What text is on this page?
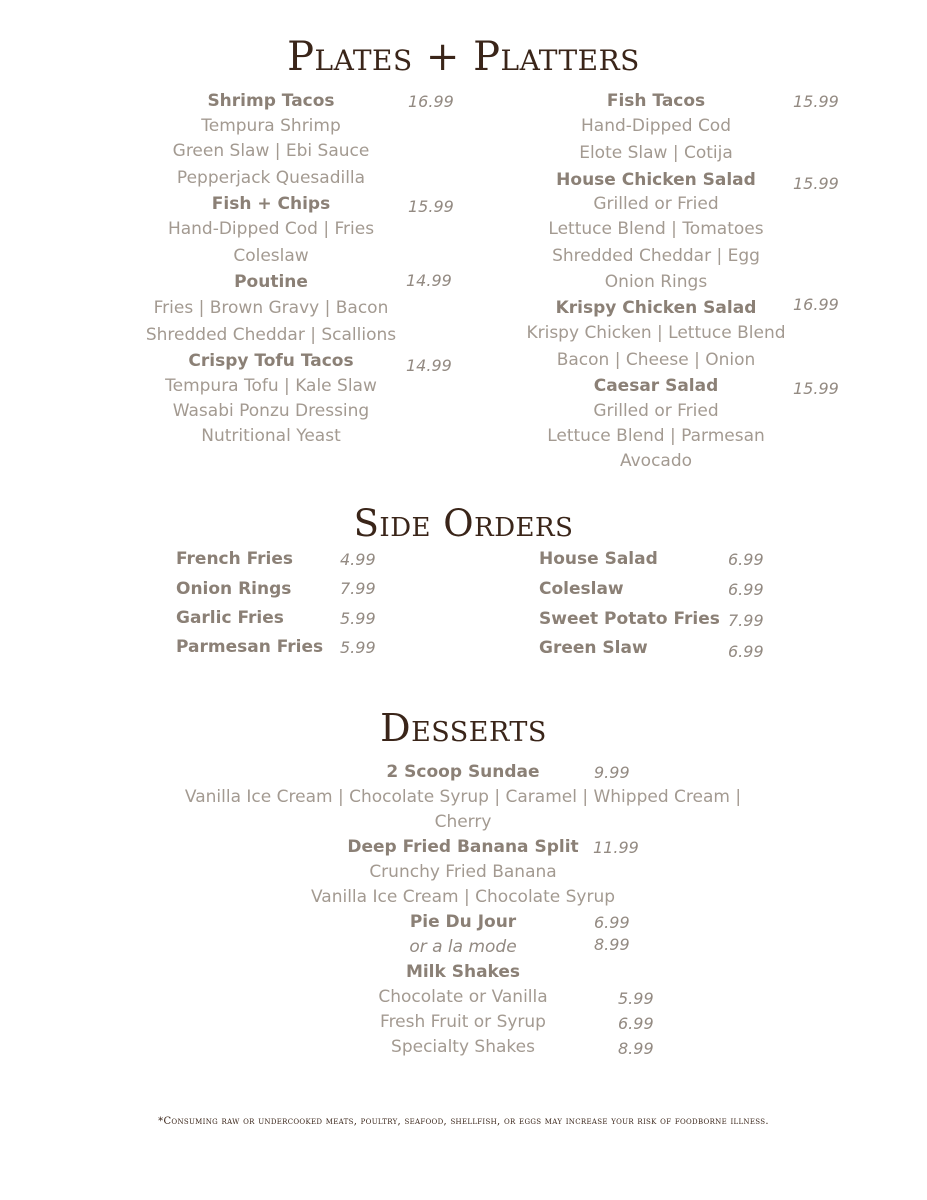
Plates + Platters
Shrimp Tacos	16.99
Tempura Shrimp
Green Slaw | Ebi Sauce
Pepperjack Quesadilla
Fish + Chips	15.99
Hand-Dipped Cod | Fries
Coleslaw
Poutine	14.99
Fries | Brown Gravy | Bacon
Shredded Cheddar | Scallions
Crispy Tofu Tacos	14.99
Tempura Tofu | Kale Slaw
Wasabi Ponzu Dressing
Nutritional Yeast
Fish Tacos	15.99
Hand-Dipped Cod
Elote Slaw | Cotija
House Chicken Salad 15.99
Grilled or Fried
Lettuce Blend | Tomatoes
Shredded Cheddar | Egg
Onion Rings
Krispy Chicken Salad 16.99
Krispy Chicken | Lettuce Blend
Bacon | Cheese | Onion
Caesar Salad	15.99
Grilled or Fried
Lettuce Blend | Parmesan
Avocado
Side Orders
French Fries	4.99
Onion Rings	7.99
Garlic Fries	5.99
Parmesan Fries 5.99
House Salad	6.99
Coleslaw	6.99
Sweet Potato Fries 7.99
Green Slaw	6.99
Desserts
2 Scoop Sundae	9.99
Vanilla Ice Cream | Chocolate Syrup | Caramel | Whipped Cream |
Cherry
Deep Fried Banana Split 11.99
Crunchy Fried Banana
Vanilla Ice Cream | Chocolate Syrup
Pie Du Jour	6.99
or a la mode	8.99
Milk Shakes
Chocolate or Vanilla	5.99
Fresh Fruit or Syrup	6.99
Specialty Shakes	8.99
*Consuming raw or undercooked meats, poultry, seafood, shellfish, or eggs may increase your risk of foodborne illness.
